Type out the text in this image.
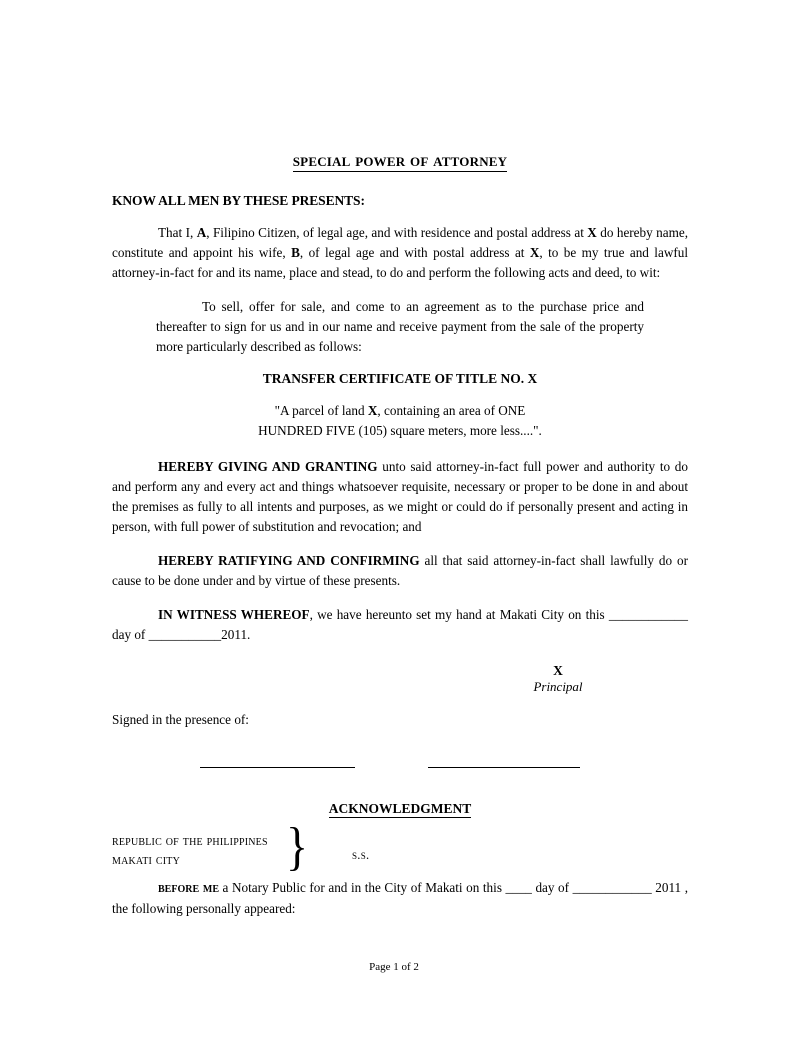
special power of attorney
KNOW ALL MEN BY THESE PRESENTS:

That I, A, Filipino Citizen, of legal age, and with residence and postal address at X do hereby name, constitute and appoint his wife, B, of legal age and with postal address at X, to be my true and lawful attorney-in-fact for and its name, place and stead, to do and perform the following acts and deed, to wit:

To sell, offer for sale, and come to an agreement as to the purchase price and thereafter to sign for us and in our name and receive payment from the sale of the property more particularly described as follows:

TRANSFER CERTIFICATE OF TITLE NO. X
"A parcel of land X, containing an area of ONE
HUNDRED FIVE (105) square meters, more less....".

HEREBY GIVING AND GRANTING unto said attorney-in-fact full power and authority to do and perform any and every act and things whatsoever requisite, necessary or proper to be done in and about the premises as fully to all intents and purposes, as we might or could do if personally present and acting in person, with full power of substitution and revocation; and

HEREBY RATIFYING AND CONFIRMING all that said attorney-in-fact shall lawfully do or cause to be done under and by virtue of these presents.

IN WITNESS WHEREOF, we have hereunto set my hand at Makati City on this ____________ day of ___________2011.

X
Principal
Signed in the presence of:
ACKNOWLEDGMENT
republic of the philippines
makati city	}	s.s.
before me a Notary Public for and in the City of Makati on this ____ day of ____________ 2011 , the following personally appeared:
Page 1 of 2
